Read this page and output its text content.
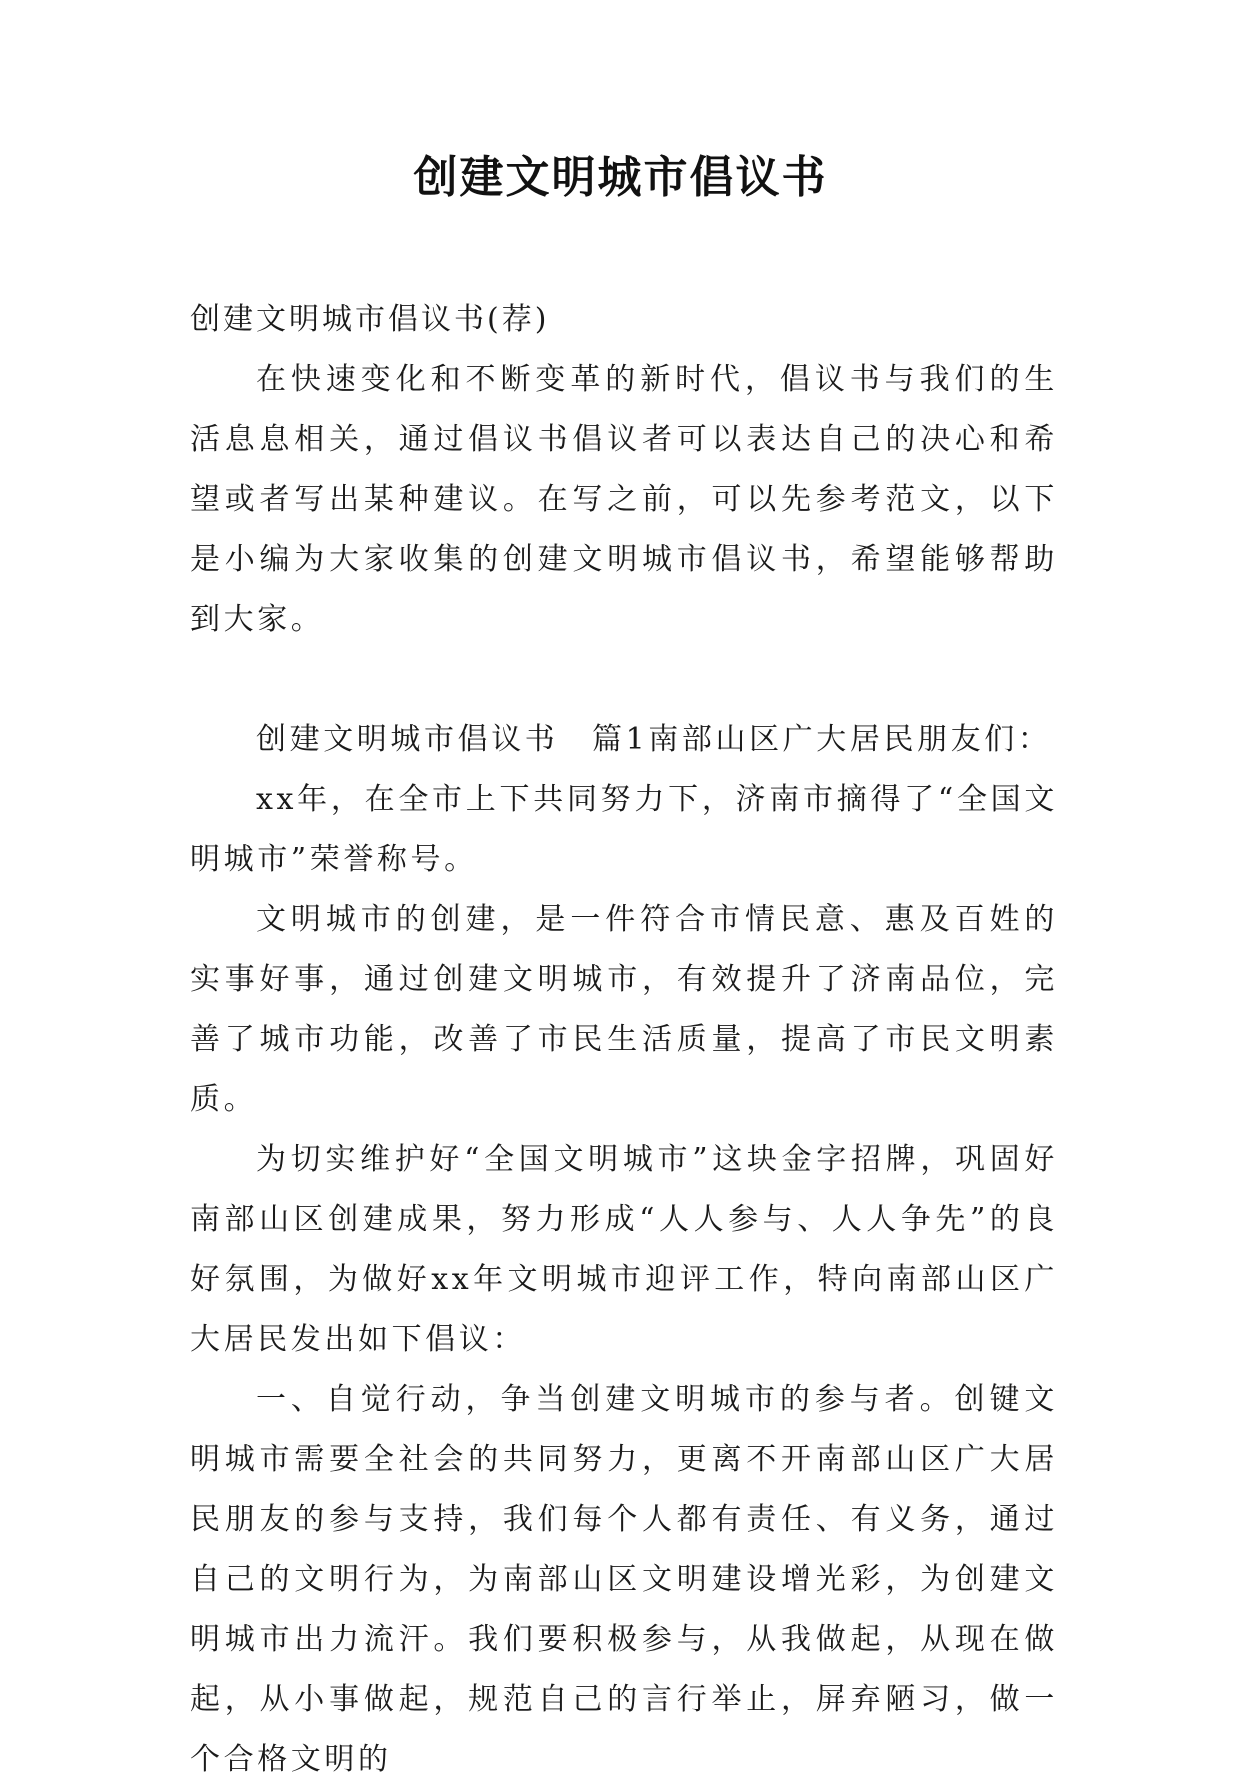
创建文明城市倡议书
创建文明城市倡议书(荐)

在快速变化和不断变革的新时代，倡议书与我们的生活息息相关，通过倡议书倡议者可以表达自己的决心和希望或者写出某种建议。在写之前，可以先参考范文，以下是小编为大家收集的创建文明城市倡议书，希望能够帮助到大家。

创建文明城市倡议书　篇1南部山区广大居民朋友们：

xx年，在全市上下共同努力下，济南市摘得了“全国文明城市”荣誉称号。

文明城市的创建，是一件符合市情民意、惠及百姓的实事好事，通过创建文明城市，有效提升了济南品位，完善了城市功能，改善了市民生活质量，提高了市民文明素质。

为切实维护好“全国文明城市”这块金字招牌，巩固好南部山区创建成果，努力形成“人人参与、人人争先”的良好氛围，为做好xx年文明城市迎评工作，特向南部山区广大居民发出如下倡议：

一、自觉行动，争当创建文明城市的参与者。创键文明城市需要全社会的共同努力，更离不开南部山区广大居民朋友的参与支持，我们每个人都有责任、有义务，通过自己的文明行为，为南部山区文明建设增光彩，为创建文明城市出力流汗。我们要积极参与，从我做起，从现在做起，从小事做起，规范自己的言行举止，屏弃陋习，做一个合格文明的
